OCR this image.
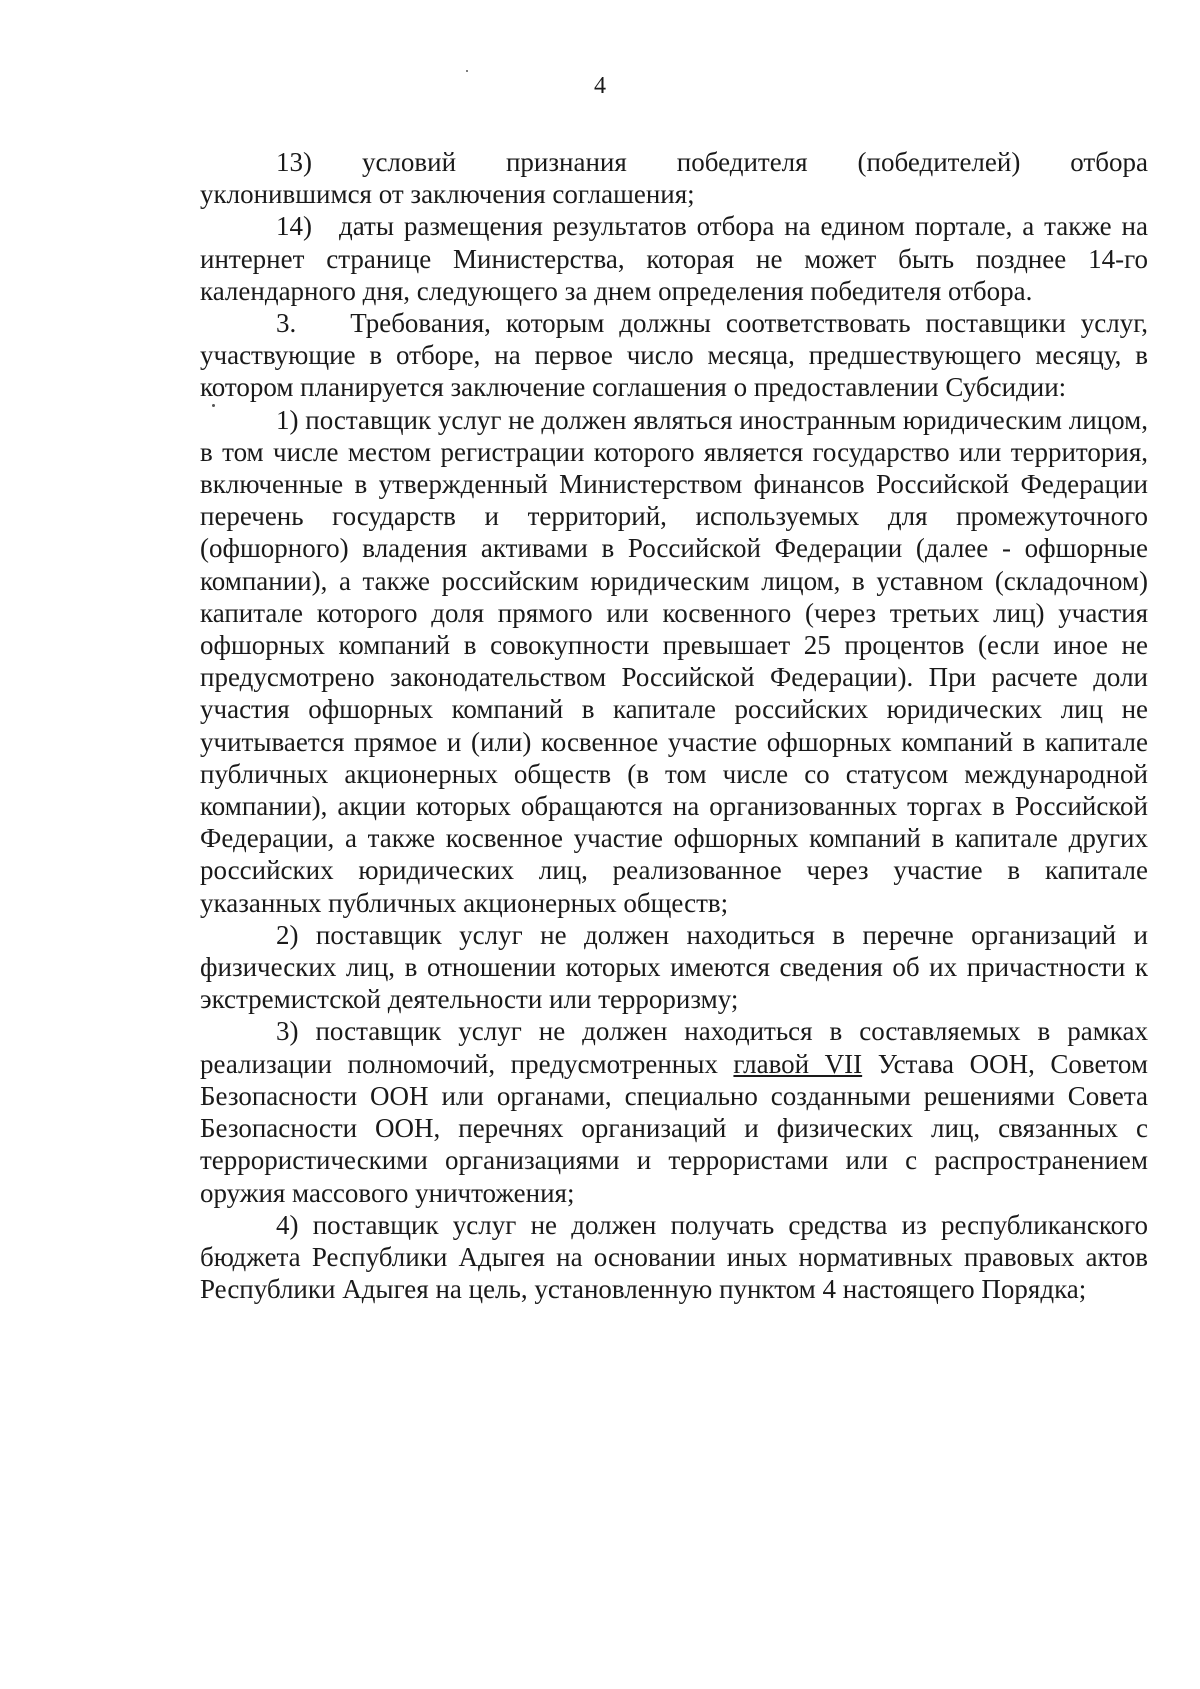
4
13) условий признания победителя (победителей) отбора
уклонившимся от заключения соглашения;

14) даты размещения результатов отбора на едином портале, а также на интернет странице Министерства, которая не может быть позднее 14-го календарного дня, следующего за днем определения победителя отбора.

3.  Требования, которым должны соответствовать поставщики услуг, участвующие в отборе, на первое число месяца, предшествующего месяцу, в котором планируется заключение соглашения о предоставлении Субсидии:

1) поставщик услуг не должен являться иностранным юридическим лицом, в том числе местом регистрации которого является государство или территория, включенные в утвержденный Министерством финансов Российской Федерации перечень государств и территорий, используемых для промежуточного (офшорного) владения активами в Российской Федерации (далее - офшорные компании), а также российским юридическим лицом, в уставном (складочном) капитале которого доля прямого или косвенного (через третьих лиц) участия офшорных компаний в совокупности превышает 25 процентов (если иное не предусмотрено законодательством Российской Федерации). При расчете доли участия офшорных компаний в капитале российских юридических лиц не учитывается прямое и (или) косвенное участие офшорных компаний в капитале публичных акционерных обществ (в том числе со статусом международной компании), акции которых обращаются на организованных торгах в Российской Федерации, а также косвенное участие офшорных компаний в капитале других российских юридических лиц, реализованное через участие в капитале указанных публичных акционерных обществ;

2) поставщик услуг не должен находиться в перечне организаций и физических лиц, в отношении которых имеются сведения об их причастности к экстремистской деятельности или терроризму;

3) поставщик услуг не должен находиться в составляемых в рамках реализации полномочий, предусмотренных главой VII Устава ООН, Советом Безопасности ООН или органами, специально созданными решениями Совета Безопасности ООН, перечнях организаций и физических лиц, связанных с террористическими организациями и террористами или с распространением оружия массового уничтожения;

4) поставщик услуг не должен получать средства из республиканского бюджета Республики Адыгея на основании иных нормативных правовых актов Республики Адыгея на цель, установленную пунктом 4 настоящего Порядка;
